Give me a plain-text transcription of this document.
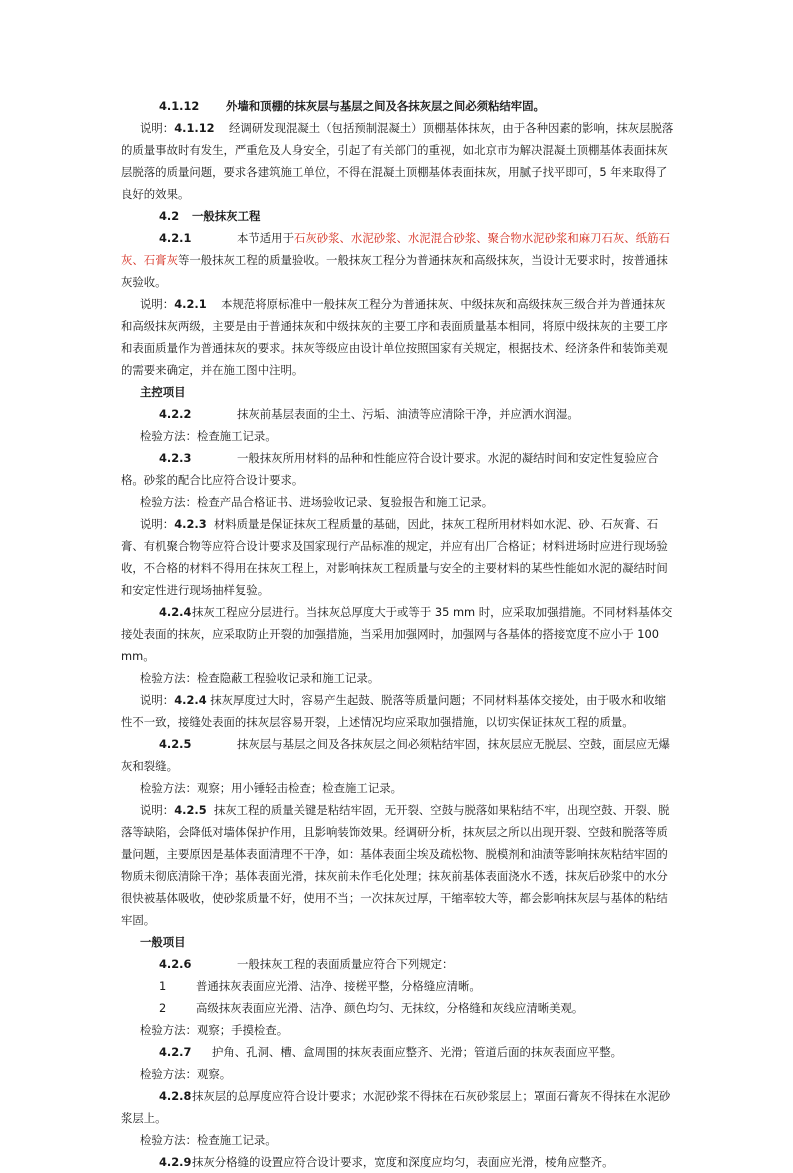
4.1.12 外墙和顶棚的抹灰层与基层之间及各抹灰层之间必须粘结牢固。

说明：4.1.12 经调研发现混凝土（包括预制混凝土）顶棚基体抹灰，由于各种因素的影响，抹灰层脱落的质量事故时有发生，严重危及人身安全，引起了有关部门的重视，如北京市为解决混凝土顶棚基体表面抹灰层脱落的质量问题，要求各建筑施工单位，不得在混凝土顶棚基体表面抹灰，用腻子找平即可，5 年来取得了良好的效果。

4.2 一般抹灰工程

4.2.1	本节适用于石灰砂浆、水泥砂浆、水泥混合砂浆、聚合物水泥砂浆和麻刀石灰、纸筋石灰、石膏灰等一般抹灰工程的质量验收。一般抹灰工程分为普通抹灰和高级抹灰，当设计无要求时，按普通抹灰验收。

说明：4.2.1 本规范将原标准中一般抹灰工程分为普通抹灰、中级抹灰和高级抹灰三级合并为普通抹灰和高级抹灰两级，主要是由于普通抹灰和中级抹灰的主要工序和表面质量基本相同，将原中级抹灰的主要工序和表面质量作为普通抹灰的要求。抹灰等级应由设计单位按照国家有关规定，根据技术、经济条件和装饰美观的需要来确定，并在施工图中注明。

主控项目

4.2.2	抹灰前基层表面的尘土、污垢、油渍等应清除干净，并应洒水润湿。

检验方法：检查施工记录。

4.2.3	一般抹灰所用材料的品种和性能应符合设计要求。水泥的凝结时间和安定性复验应合格。砂浆的配合比应符合设计要求。

检验方法：检查产品合格证书、进场验收记录、复验报告和施工记录。

说明：4.2.3 材料质量是保证抹灰工程质量的基础，因此，抹灰工程所用材料如水泥、砂、石灰膏、石膏、有机聚合物等应符合设计要求及国家现行产品标准的规定，并应有出厂合格证；材料进场时应进行现场验收，不合格的材料不得用在抹灰工程上，对影响抹灰工程质量与安全的主要材料的某些性能如水泥的凝结时间和安定性进行现场抽样复验。

4.2.4抹灰工程应分层进行。当抹灰总厚度大于或等于 35 mm 时，应采取加强措施。不同材料基体交接处表面的抹灰，应采取防止开裂的加强措施，当采用加强网时，加强网与各基体的搭接宽度不应小于 100 mm。

检验方法：检查隐蔽工程验收记录和施工记录。

说明：4.2.4 抹灰厚度过大时，容易产生起鼓、脱落等质量问题；不同材料基体交接处，由于吸水和收缩性不一致，接缝处表面的抹灰层容易开裂，上述情况均应采取加强措施，以切实保证抹灰工程的质量。

4.2.5	抹灰层与基层之间及各抹灰层之间必须粘结牢固，抹灰层应无脱层、空鼓，面层应无爆灰和裂缝。

检验方法：观察；用小锤轻击检查；检查施工记录。

说明：4.2.5 抹灰工程的质量关键是粘结牢固，无开裂、空鼓与脱落如果粘结不牢，出现空鼓、开裂、脱落等缺陷，会降低对墙体保护作用，且影响装饰效果。经调研分析，抹灰层之所以出现开裂、空鼓和脱落等质量问题，主要原因是基体表面清理不干净，如：基体表面尘埃及疏松物、脱模剂和油渍等影响抹灰粘结牢固的物质未彻底清除干净；基体表面光滑，抹灰前未作毛化处理；抹灰前基体表面浇水不透，抹灰后砂浆中的水分很快被基体吸收，使砂浆质量不好，使用不当；一次抹灰过厚，干缩率较大等，都会影响抹灰层与基体的粘结牢固。

一般项目

4.2.6	一般抹灰工程的表面质量应符合下列规定：

1	普通抹灰表面应光滑、洁净、接槎平整，分格缝应清晰。

2	高级抹灰表面应光滑、洁净、颜色均匀、无抹纹，分格缝和灰线应清晰美观。

检验方法：观察；手摸检查。

4.2.7 护角、孔洞、槽、盒周围的抹灰表面应整齐、光滑；管道后面的抹灰表面应平整。

检验方法：观察。

4.2.8抹灰层的总厚度应符合设计要求；水泥砂浆不得抹在石灰砂浆层上；罩面石膏灰不得抹在水泥砂浆层上。

检验方法：检查施工记录。

4.2.9抹灰分格缝的设置应符合设计要求，宽度和深度应均匀，表面应光滑，棱角应整齐。
